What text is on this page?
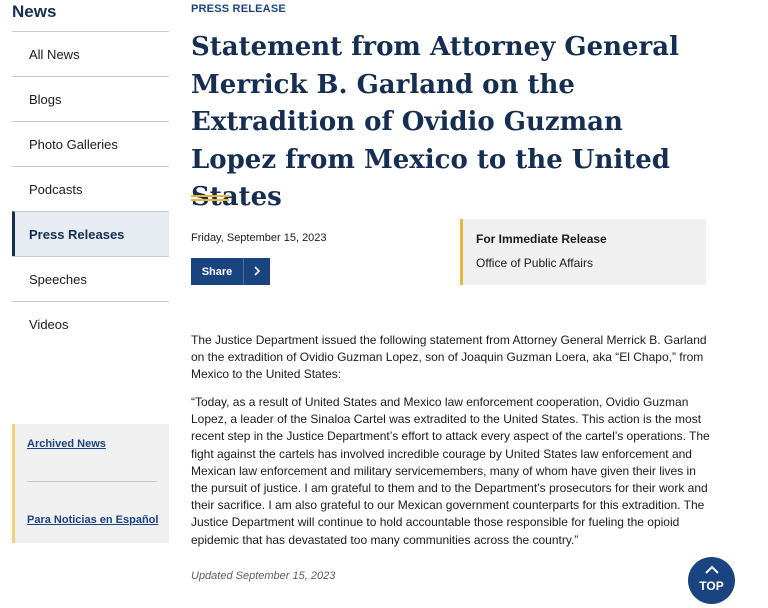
News
All News
Blogs
Photo Galleries
Podcasts
Press Releases
Speeches
Videos
Archived News
Para Noticias en Español
PRESS RELEASE
Statement from Attorney General Merrick B. Garland on the Extradition of Ovidio Guzman Lopez from Mexico to the United States
Friday, September 15, 2023
Share
For Immediate Release
Office of Public Affairs

The Justice Department issued the following statement from Attorney General Merrick B. Garland on the extradition of Ovidio Guzman Lopez, son of Joaquin Guzman Loera, aka “El Chapo,” from Mexico to the United States:

“Today, as a result of United States and Mexico law enforcement cooperation, Ovidio Guzman Lopez, a leader of the Sinaloa Cartel was extradited to the United States. This action is the most recent step in the Justice Department’s effort to attack every aspect of the cartel’s operations. The fight against the cartels has involved incredible courage by United States law enforcement and Mexican law enforcement and military servicemembers, many of whom have given their lives in the pursuit of justice. I am grateful to them and to the Department’s prosecutors for their work and their sacrifice. I am also grateful to our Mexican government counterparts for this extradition. The Justice Department will continue to hold accountable those responsible for fueling the opioid epidemic that has devastated too many communities across the country.”

Updated September 15, 2023
TOP
